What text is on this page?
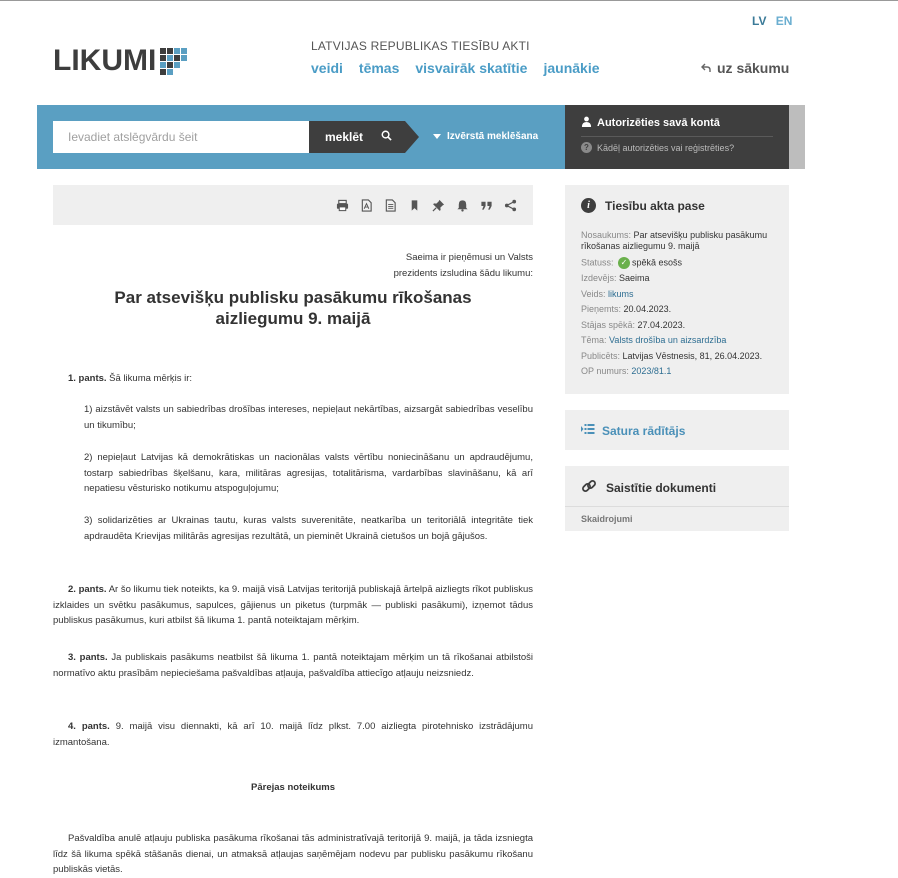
LV EN
LIKUMI	LATVIJAS REPUBLIKAS TIESĪBU AKTI
veidi tēmas visvairāk skatītie jaunākie	uz sākumu
Ievadiet atslēgvārdu šeit
meklēt	Izvērstā meklēšana
Autorizēties savā kontā
? Kādēļ autorizēties vai reģistrēties?
Saeima ir pieņēmusi un Valsts
prezidents izsludina šādu likumu:
Par atsevišķu publisku pasākumu rīkošanas
aizliegumu 9. maijā
1. pants. Šā likuma mērķis ir:
1) aizstāvēt valsts un sabiedrības drošības intereses, nepieļaut nekārtības, aizsargāt sabiedrības veselību un tikumību;
2) nepieļaut Latvijas kā demokrātiskas un nacionālas valsts vērtību noniecināšanu un apdraudējumu, tostarp sabiedrības šķelšanu, kara, militāras agresijas, totalitārisma, vardarbības slavināšanu, kā arī nepatiesu vēsturisko notikumu atspoguļojumu;
3) solidarizēties ar Ukrainas tautu, kuras valsts suverenitāte, neatkarība un teritoriālā integritāte tiek apdraudēta Krievijas militārās agresijas rezultātā, un pieminēt Ukrainā cietušos un bojā gājušos.
2. pants. Ar šo likumu tiek noteikts, ka 9. maijā visā Latvijas teritorijā publiskajā ārtelpā aizliegts rīkot publiskus izklaides un svētku pasākumus, sapulces, gājienus un piketus (turpmāk — publiski pasākumi), izņemot tādus publiskus pasākumus, kuri atbilst šā likuma 1. pantā noteiktajam mērķim.
3. pants. Ja publiskais pasākums neatbilst šā likuma 1. pantā noteiktajam mērķim un tā rīkošanai atbilstoši normatīvo aktu prasībām nepieciešama pašvaldības atļauja, pašvaldība attiecīgo atļauju neizsniedz.
4. pants. 9. maijā visu diennakti, kā arī 10. maijā līdz plkst. 7.00 aizliegta pirotehnisko izstrādājumu izmantošana.
Pārejas noteikums
Pašvaldība anulē atļauju publiska pasākuma rīkošanai tās administratīvajā teritorijā 9. maijā, ja tāda izsniegta līdz šā likuma spēkā stāšanās dienai, un atmaksā atļaujas saņēmējam nodevu par publisku pasākumu rīkošanu publiskās vietās.
i	Tiesību akta pase
Nosaukums: Par atsevišķu publisku pasākumu rīkošanas aizliegumu 9. maijā
Statuss: ✓ spēkā esošs
Izdevējs: Saeima
Veids: likums
Pieņemts: 20.04.2023.
Stājas spēkā: 27.04.2023.
Tēma: Valsts drošība un aizsardzība
Publicēts: Latvijas Vēstnesis, 81, 26.04.2023.
OP numurs: 2023/81.1
Satura rādītājs
Saistītie dokumenti
Skaidrojumi
